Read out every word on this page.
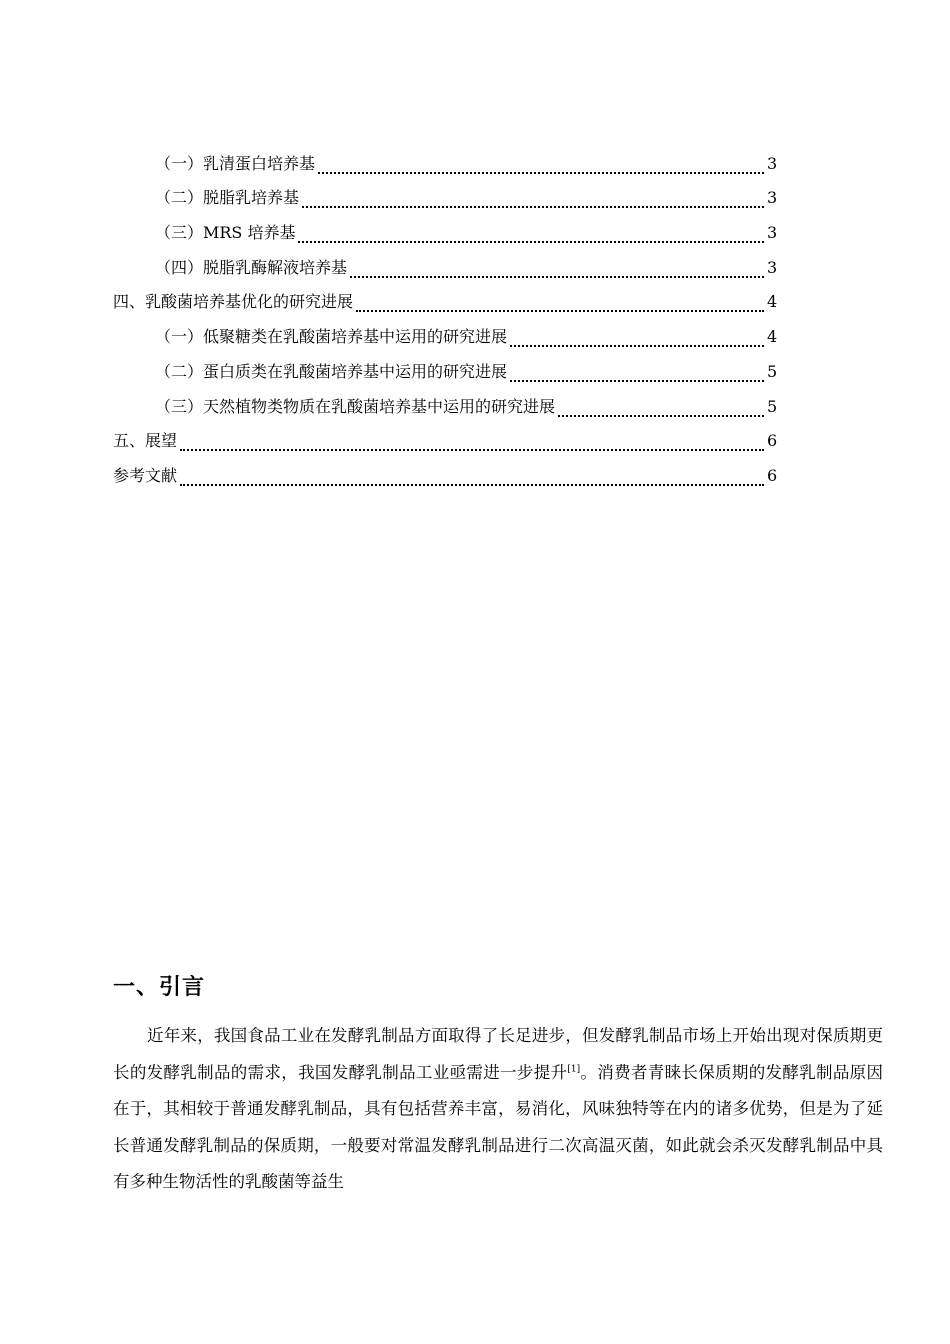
（一）乳清蛋白培养基	3
（二）脱脂乳培养基	3
（三）MRS 培养基	3
（四）脱脂乳酶解液培养基	3
四、乳酸菌培养基优化的研究进展	4
（一）低聚糖类在乳酸菌培养基中运用的研究进展	4
（二）蛋白质类在乳酸菌培养基中运用的研究进展	5
（三）天然植物类物质在乳酸菌培养基中运用的研究进展	5
五、展望	6
参考文献	6
一、引言

近年来，我国食品工业在发酵乳制品方面取得了长足进步，但发酵乳制品市场上开始出现对保质期更长的发酵乳制品的需求，我国发酵乳制品工业亟需进一步提升[1]。消费者青睐长保质期的发酵乳制品原因在于，其相较于普通发酵乳制品，具有包括营养丰富，易消化，风味独特等在内的诸多优势，但是为了延长普通发酵乳制品的保质期，一般要对常温发酵乳制品进行二次高温灭菌，如此就会杀灭发酵乳制品中具有多种生物活性的乳酸菌等益生
